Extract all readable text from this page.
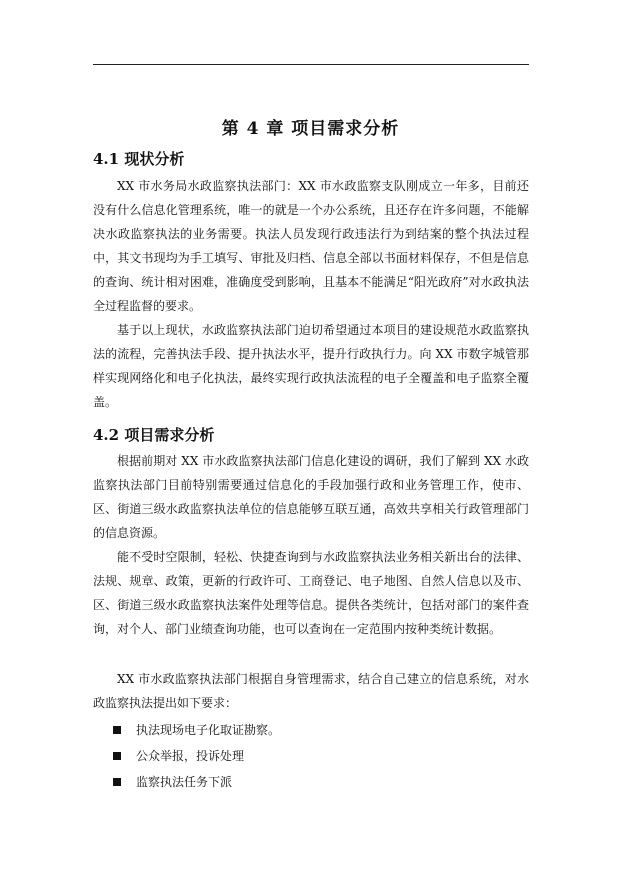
第 4 章 项目需求分析
4.1 现状分析

XX 市水务局水政监察执法部门：XX 市水政监察支队刚成立一年多，目前还没有什么信息化管理系统，唯一的就是一个办公系统，且还存在许多问题，不能解决水政监察执法的业务需要。执法人员发现行政违法行为到结案的整个执法过程中，其文书现均为手工填写、审批及归档、信息全部以书面材料保存，不但是信息的查询、统计相对困难，准确度受到影响，且基本不能满足“阳光政府”对水政执法全过程监督的要求。

基于以上现状，水政监察执法部门迫切希望通过本项目的建设规范水政监察执法的流程，完善执法手段、提升执法水平，提升行政执行力。向 XX 市数字城管那样实现网络化和电子化执法，最终实现行政执法流程的电子全覆盖和电子监察全覆盖。

4.2 项目需求分析

根据前期对 XX 市水政监察执法部门信息化建设的调研，我们了解到 XX 水政监察执法部门目前特别需要通过信息化的手段加强行政和业务管理工作，使市、区、街道三级水政监察执法单位的信息能够互联互通，高效共享相关行政管理部门的信息资源。

能不受时空限制，轻松、快捷查询到与水政监察执法业务相关新出台的法律、法规、规章、政策，更新的行政许可、工商登记、电子地图、自然人信息以及市、区、街道三级水政监察执法案件处理等信息。提供各类统计，包括对部门的案件查询，对个人、部门业绩查询功能，也可以查询在一定范围内按种类统计数据。

XX 市水政监察执法部门根据自身管理需求，结合自己建立的信息系统，对水政监察执法提出如下要求：

执法现场电子化取证勘察。
公众举报，投诉处理
监察执法任务下派
